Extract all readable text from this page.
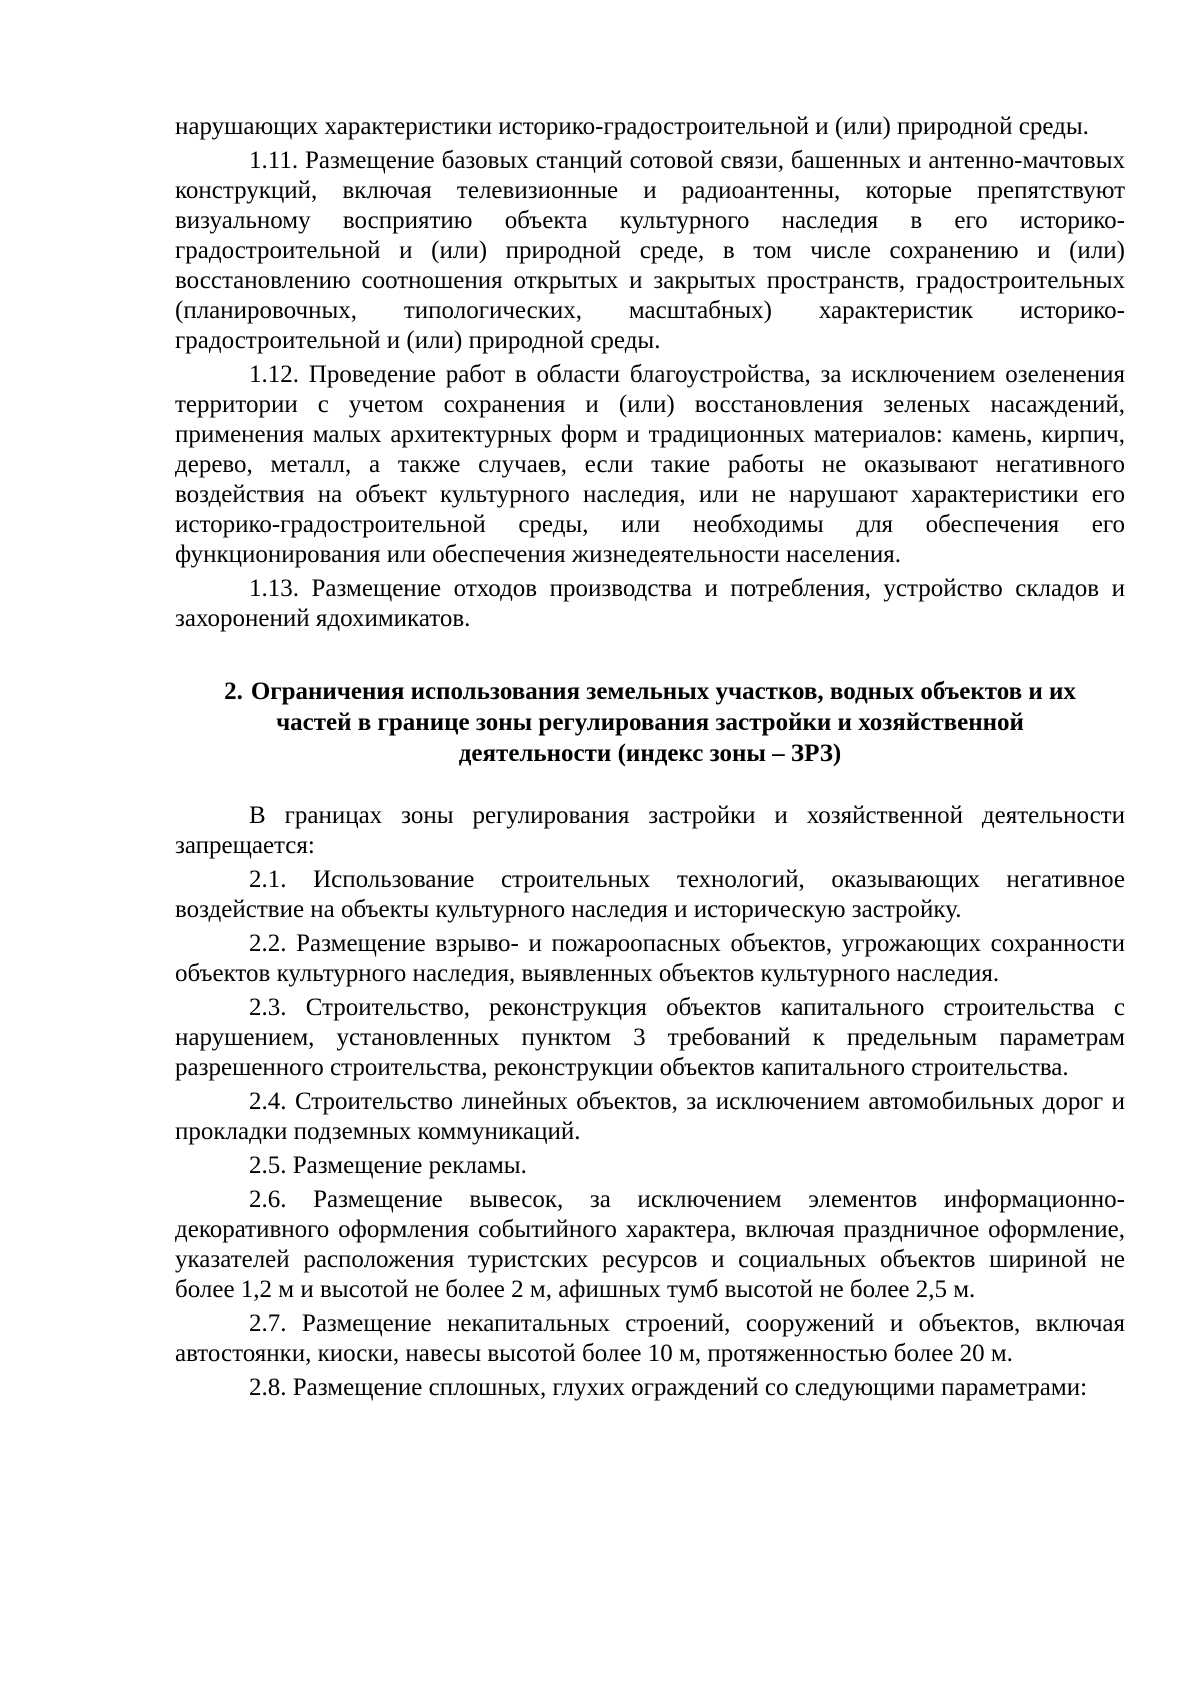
нарушающих характеристики историко-градостроительной и (или) природной среды.

1.11. Размещение базовых станций сотовой связи, башенных и антенно-мачтовых конструкций, включая телевизионные и радиоантенны, которые препятствуют визуальному восприятию объекта культурного наследия в его историко-градостроительной и (или) природной среде, в том числе сохранению и (или) восстановлению соотношения открытых и закрытых пространств, градостроительных (планировочных, типологических, масштабных) характеристик историко-градостроительной и (или) природной среды.

1.12. Проведение работ в области благоустройства, за исключением озеленения территории с учетом сохранения и (или) восстановления зеленых насаждений, применения малых архитектурных форм и традиционных материалов: камень, кирпич, дерево, металл, а также случаев, если такие работы не оказывают негативного воздействия на объект культурного наследия, или не нарушают характеристики его историко-градостроительной среды, или необходимы для обеспечения его функционирования или обеспечения жизнедеятельности населения.

1.13. Размещение отходов производства и потребления, устройство складов и захоронений ядохимикатов.

2. Ограничения использования земельных участков, водных объектов и их
частей в границе зоны регулирования застройки и хозяйственной
деятельности (индекс зоны – ЗРЗ)

В границах зоны регулирования застройки и хозяйственной деятельности запрещается:

2.1. Использование строительных технологий, оказывающих негативное воздействие на объекты культурного наследия и историческую застройку.

2.2. Размещение взрыво- и пожароопасных объектов, угрожающих сохранности объектов культурного наследия, выявленных объектов культурного наследия.

2.3. Строительство, реконструкция объектов капитального строительства с нарушением, установленных пунктом 3 требований к предельным параметрам разрешенного строительства, реконструкции объектов капитального строительства.

2.4. Строительство линейных объектов, за исключением автомобильных дорог и прокладки подземных коммуникаций.

2.5. Размещение рекламы.

2.6. Размещение вывесок, за исключением элементов информационно-декоративного оформления событийного характера, включая праздничное оформление, указателей расположения туристских ресурсов и социальных объектов шириной не более 1,2 м и высотой не более 2 м, афишных тумб высотой не более 2,5 м.

2.7. Размещение некапитальных строений, сооружений и объектов, включая автостоянки, киоски, навесы высотой более 10 м, протяженностью более 20 м.

2.8. Размещение сплошных, глухих ограждений со следующими параметрами:
